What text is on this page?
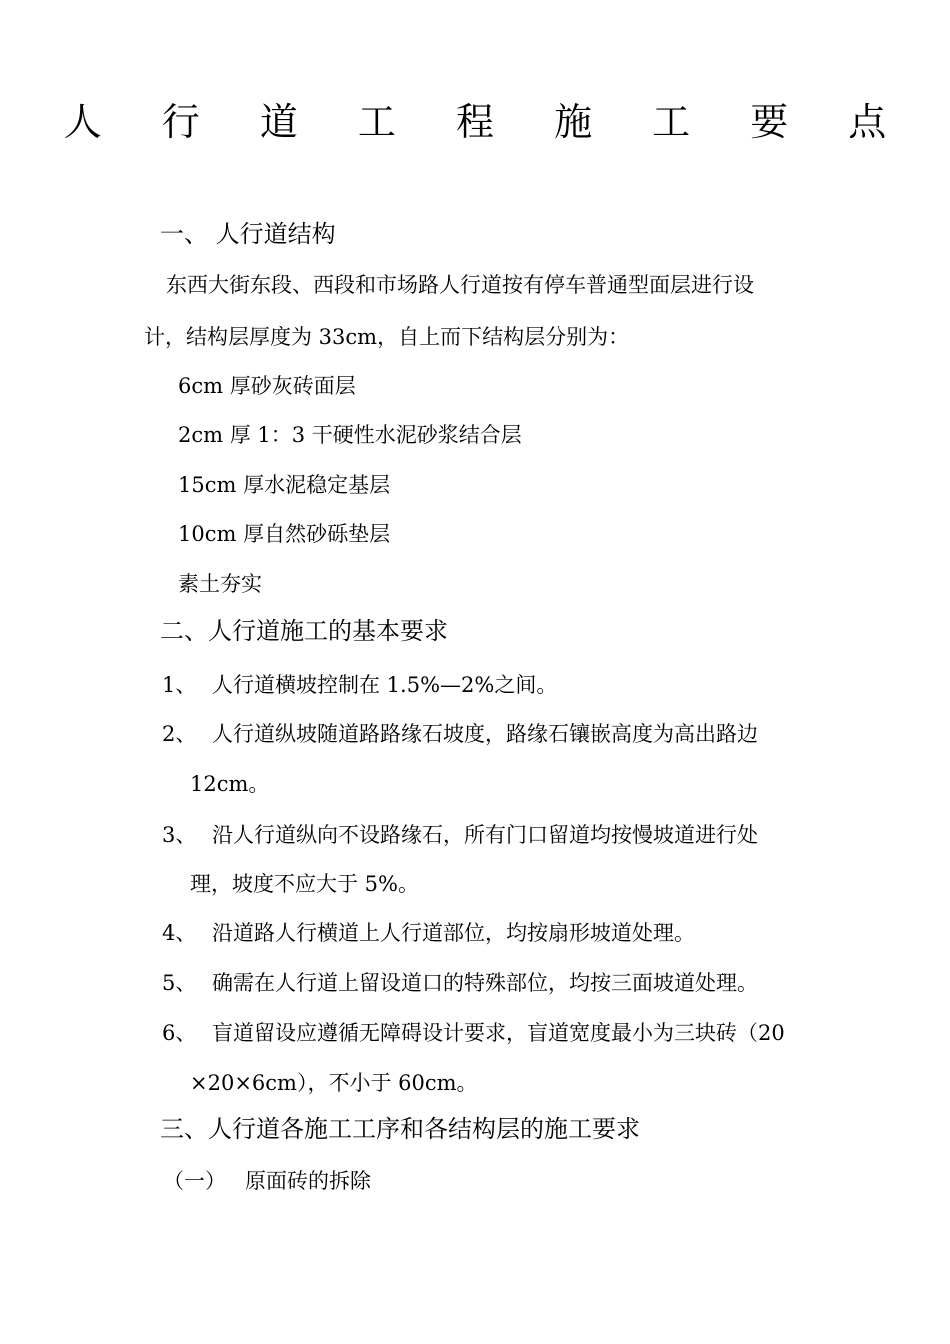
人 行 道 工 程 施 工 要 点
一、 人行道结构
东西大街东段、西段和市场路人行道按有停车普通型面层进行设
计，结构层厚度为 33cm，自上而下结构层分别为：
6cm 厚砂灰砖面层
2cm 厚 1：3 干硬性水泥砂浆结合层
15cm 厚水泥稳定基层
10cm 厚自然砂砾垫层
素土夯实
二、人行道施工的基本要求
1、 人行道横坡控制在 1.5%—2%之间。
2、 人行道纵坡随道路路缘石坡度，路缘石镶嵌高度为高出路边
12cm。
3、 沿人行道纵向不设路缘石，所有门口留道均按慢坡道进行处
理，坡度不应大于 5%。
4、 沿道路人行横道上人行道部位，均按扇形坡道处理。
5、 确需在人行道上留设道口的特殊部位，均按三面坡道处理。
6、 盲道留设应遵循无障碍设计要求，盲道宽度最小为三块砖（20
×20×6cm），不小于 60cm。
三、人行道各施工工序和各结构层的施工要求
（一） 原面砖的拆除
